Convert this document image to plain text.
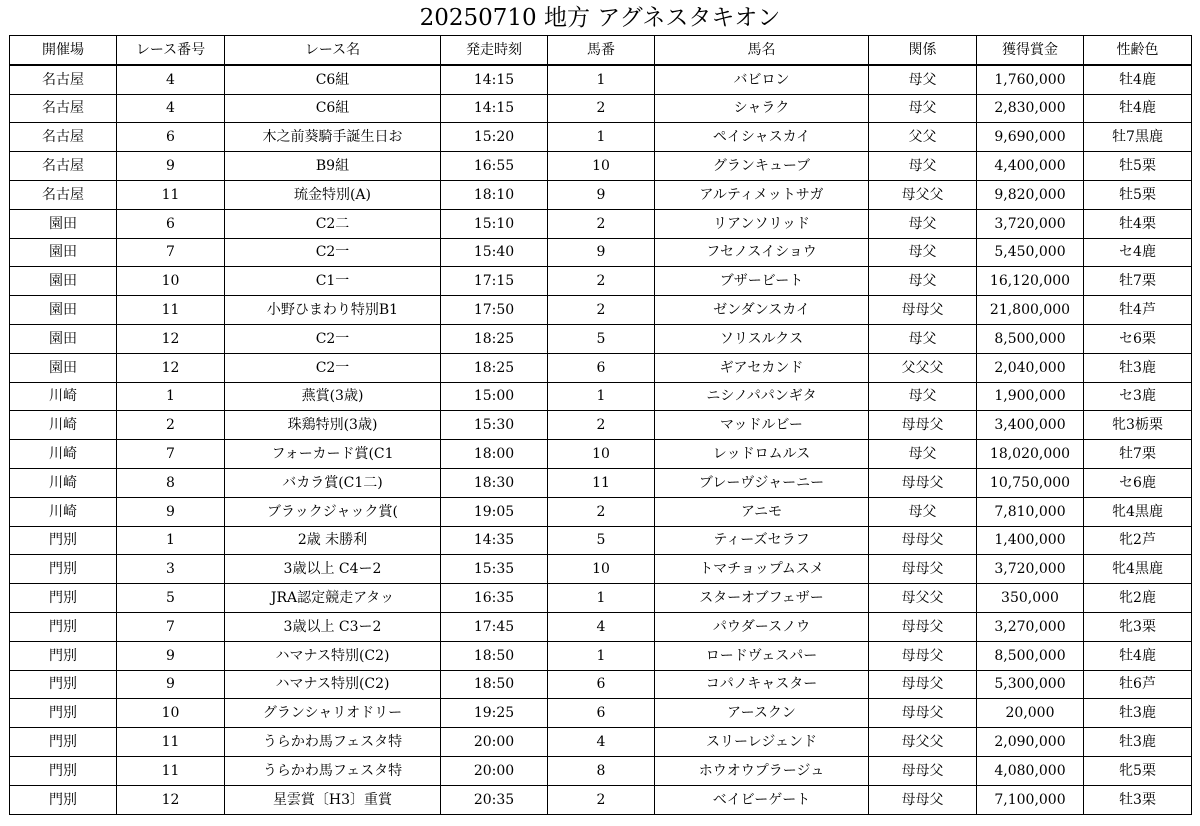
20250710 地方 アグネスタキオン
開催場	レース番号	レース名	発走時刻	馬番	馬名	関係	獲得賞金	性齢色
名古屋	4	C6組	14:15	1	バビロン	母父	1,760,000	牡4鹿
名古屋	4	C6組	14:15	2	シャラク	母父	2,830,000	牡4鹿
名古屋	6	木之前葵騎手誕生日お	15:20	1	ペイシャスカイ	父父	9,690,000	牡7黒鹿
名古屋	9	B9組	16:55	10	グランキューブ	母父	4,400,000	牡5栗
名古屋	11	琉金特別(A)	18:10	9	アルティメットサガ	母父父	9,820,000	牡5栗
園田	6	C2二	15:10	2	リアンソリッド	母父	3,720,000	牡4栗
園田	7	C2一	15:40	9	フセノスイショウ	母父	5,450,000	セ4鹿
園田	10	C1一	17:15	2	ブザービート	母父	16,120,000	牡7栗
園田	11	小野ひまわり特別B1	17:50	2	ゼンダンスカイ	母母父	21,800,000	牡4芦
園田	12	C2一	18:25	5	ソリスルクス	母父	8,500,000	セ6栗
園田	12	C2一	18:25	6	ギアセカンド	父父父	2,040,000	牡3鹿
川崎	1	燕賞(3歳)	15:00	1	ニシノパパンギタ	母父	1,900,000	セ3鹿
川崎	2	珠鶏特別(3歳)	15:30	2	マッドルビー	母母父	3,400,000	牝3栃栗
川崎	7	フォーカード賞(C1	18:00	10	レッドロムルス	母父	18,020,000	牡7栗
川崎	8	バカラ賞(C1二)	18:30	11	ブレーヴジャーニー	母母父	10,750,000	セ6鹿
川崎	9	ブラックジャック賞(	19:05	2	アニモ	母父	7,810,000	牝4黒鹿
門別	1	2歳 未勝利	14:35	5	ティーズセラフ	母母父	1,400,000	牝2芦
門別	3	3歳以上 C4ー2	15:35	10	トマチョップムスメ	母母父	3,720,000	牝4黒鹿
門別	5	JRA認定競走アタッ	16:35	1	スターオブフェザー	母父父	350,000	牝2鹿
門別	7	3歳以上 C3ー2	17:45	4	パウダースノウ	母母父	3,270,000	牝3栗
門別	9	ハマナス特別(C2)	18:50	1	ロードヴェスパー	母母父	8,500,000	牡4鹿
門別	9	ハマナス特別(C2)	18:50	6	コパノキャスター	母母父	5,300,000	牡6芦
門別	10	グランシャリオドリー	19:25	6	アースクン	母母父	20,000	牡3鹿
門別	11	うらかわ馬フェスタ特	20:00	4	スリーレジェンド	母父父	2,090,000	牡3鹿
門別	11	うらかわ馬フェスタ特	20:00	8	ホウオウプラージュ	母母父	4,080,000	牝5栗
門別	12	星雲賞〔H3〕重賞	20:35	2	ベイビーゲート	母母父	7,100,000	牡3栗
